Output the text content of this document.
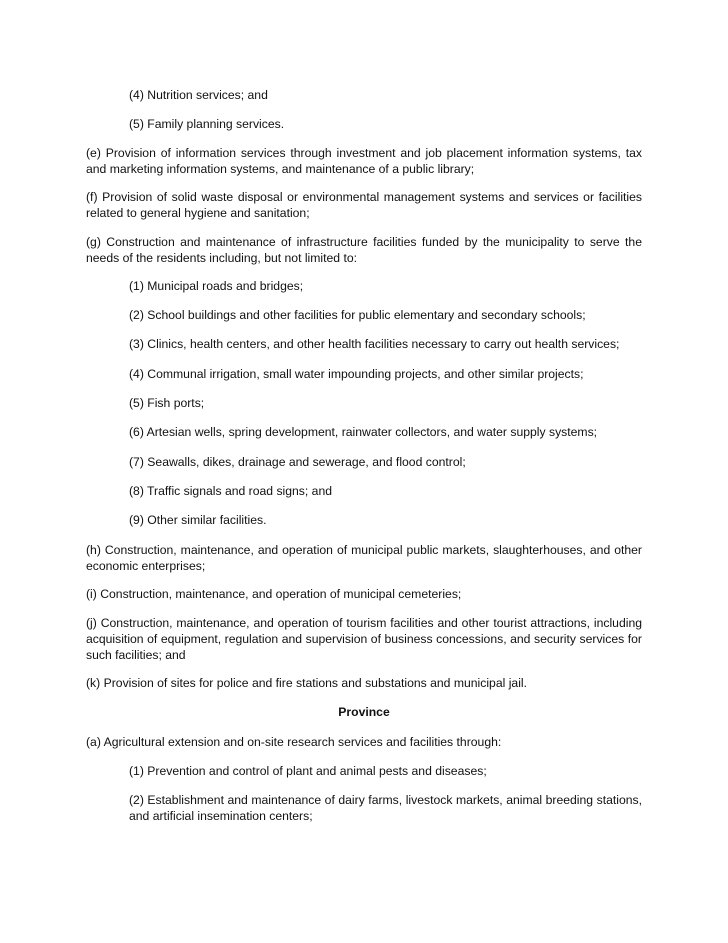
(4) Nutrition services; and

(5) Family planning services.

(e) Provision of information services through investment and job placement information systems, tax and marketing information systems, and maintenance of a public library;

(f) Provision of solid waste disposal or environmental management systems and services or facilities related to general hygiene and sanitation;

(g) Construction and maintenance of infrastructure facilities funded by the municipality to serve the needs of the residents including, but not limited to:

(1) Municipal roads and bridges;

(2) School buildings and other facilities for public elementary and secondary schools;

(3) Clinics, health centers, and other health facilities necessary to carry out health services;

(4) Communal irrigation, small water impounding projects, and other similar projects;

(5) Fish ports;

(6) Artesian wells, spring development, rainwater collectors, and water supply systems;

(7) Seawalls, dikes, drainage and sewerage, and flood control;

(8) Traffic signals and road signs; and

(9) Other similar facilities.

(h) Construction, maintenance, and operation of municipal public markets, slaughterhouses, and other economic enterprises;

(i) Construction, maintenance, and operation of municipal cemeteries;

(j) Construction, maintenance, and operation of tourism facilities and other tourist attractions, including acquisition of equipment, regulation and supervision of business concessions, and security services for such facilities; and

(k) Provision of sites for police and fire stations and substations and municipal jail.

Province

(a) Agricultural extension and on-site research services and facilities through:

(1) Prevention and control of plant and animal pests and diseases;

(2) Establishment and maintenance of dairy farms, livestock markets, animal breeding stations, and artificial insemination centers;
